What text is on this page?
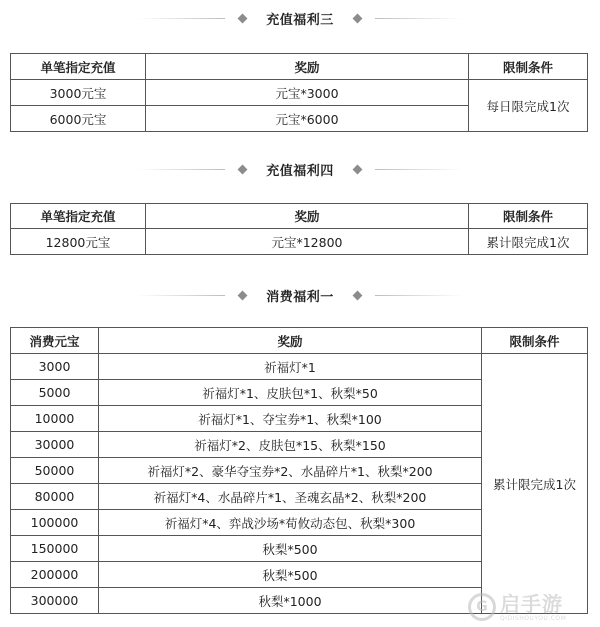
充值福利三
单笔指定充值	奖励	限制条件
3000元宝	元宝*3000	每日限完成1次
6000元宝	元宝*6000	
充值福利四
单笔指定充值	奖励	限制条件
12800元宝	元宝*12800	累计限完成1次
消费福利一
消费元宝	奖励	限制条件
3000	祈福灯*1	累计限完成1次
5000	祈福灯*1、皮肤包*1、秋梨*50	
10000	祈福灯*1、夺宝券*1、秋梨*100	
30000	祈福灯*2、皮肤包*15、秋梨*150	
50000	祈福灯*2、豪华夺宝券*2、水晶碎片*1、秋梨*200	
80000	祈福灯*4、水晶碎片*1、圣魂玄晶*2、秋梨*200	
100000	祈福灯*4、弈战沙场*荀攸动态包、秋梨*300	
150000	秋梨*500	
200000	秋梨*500	
300000	秋梨*1000		G 启手游
QIDISHOUYOU.COM
